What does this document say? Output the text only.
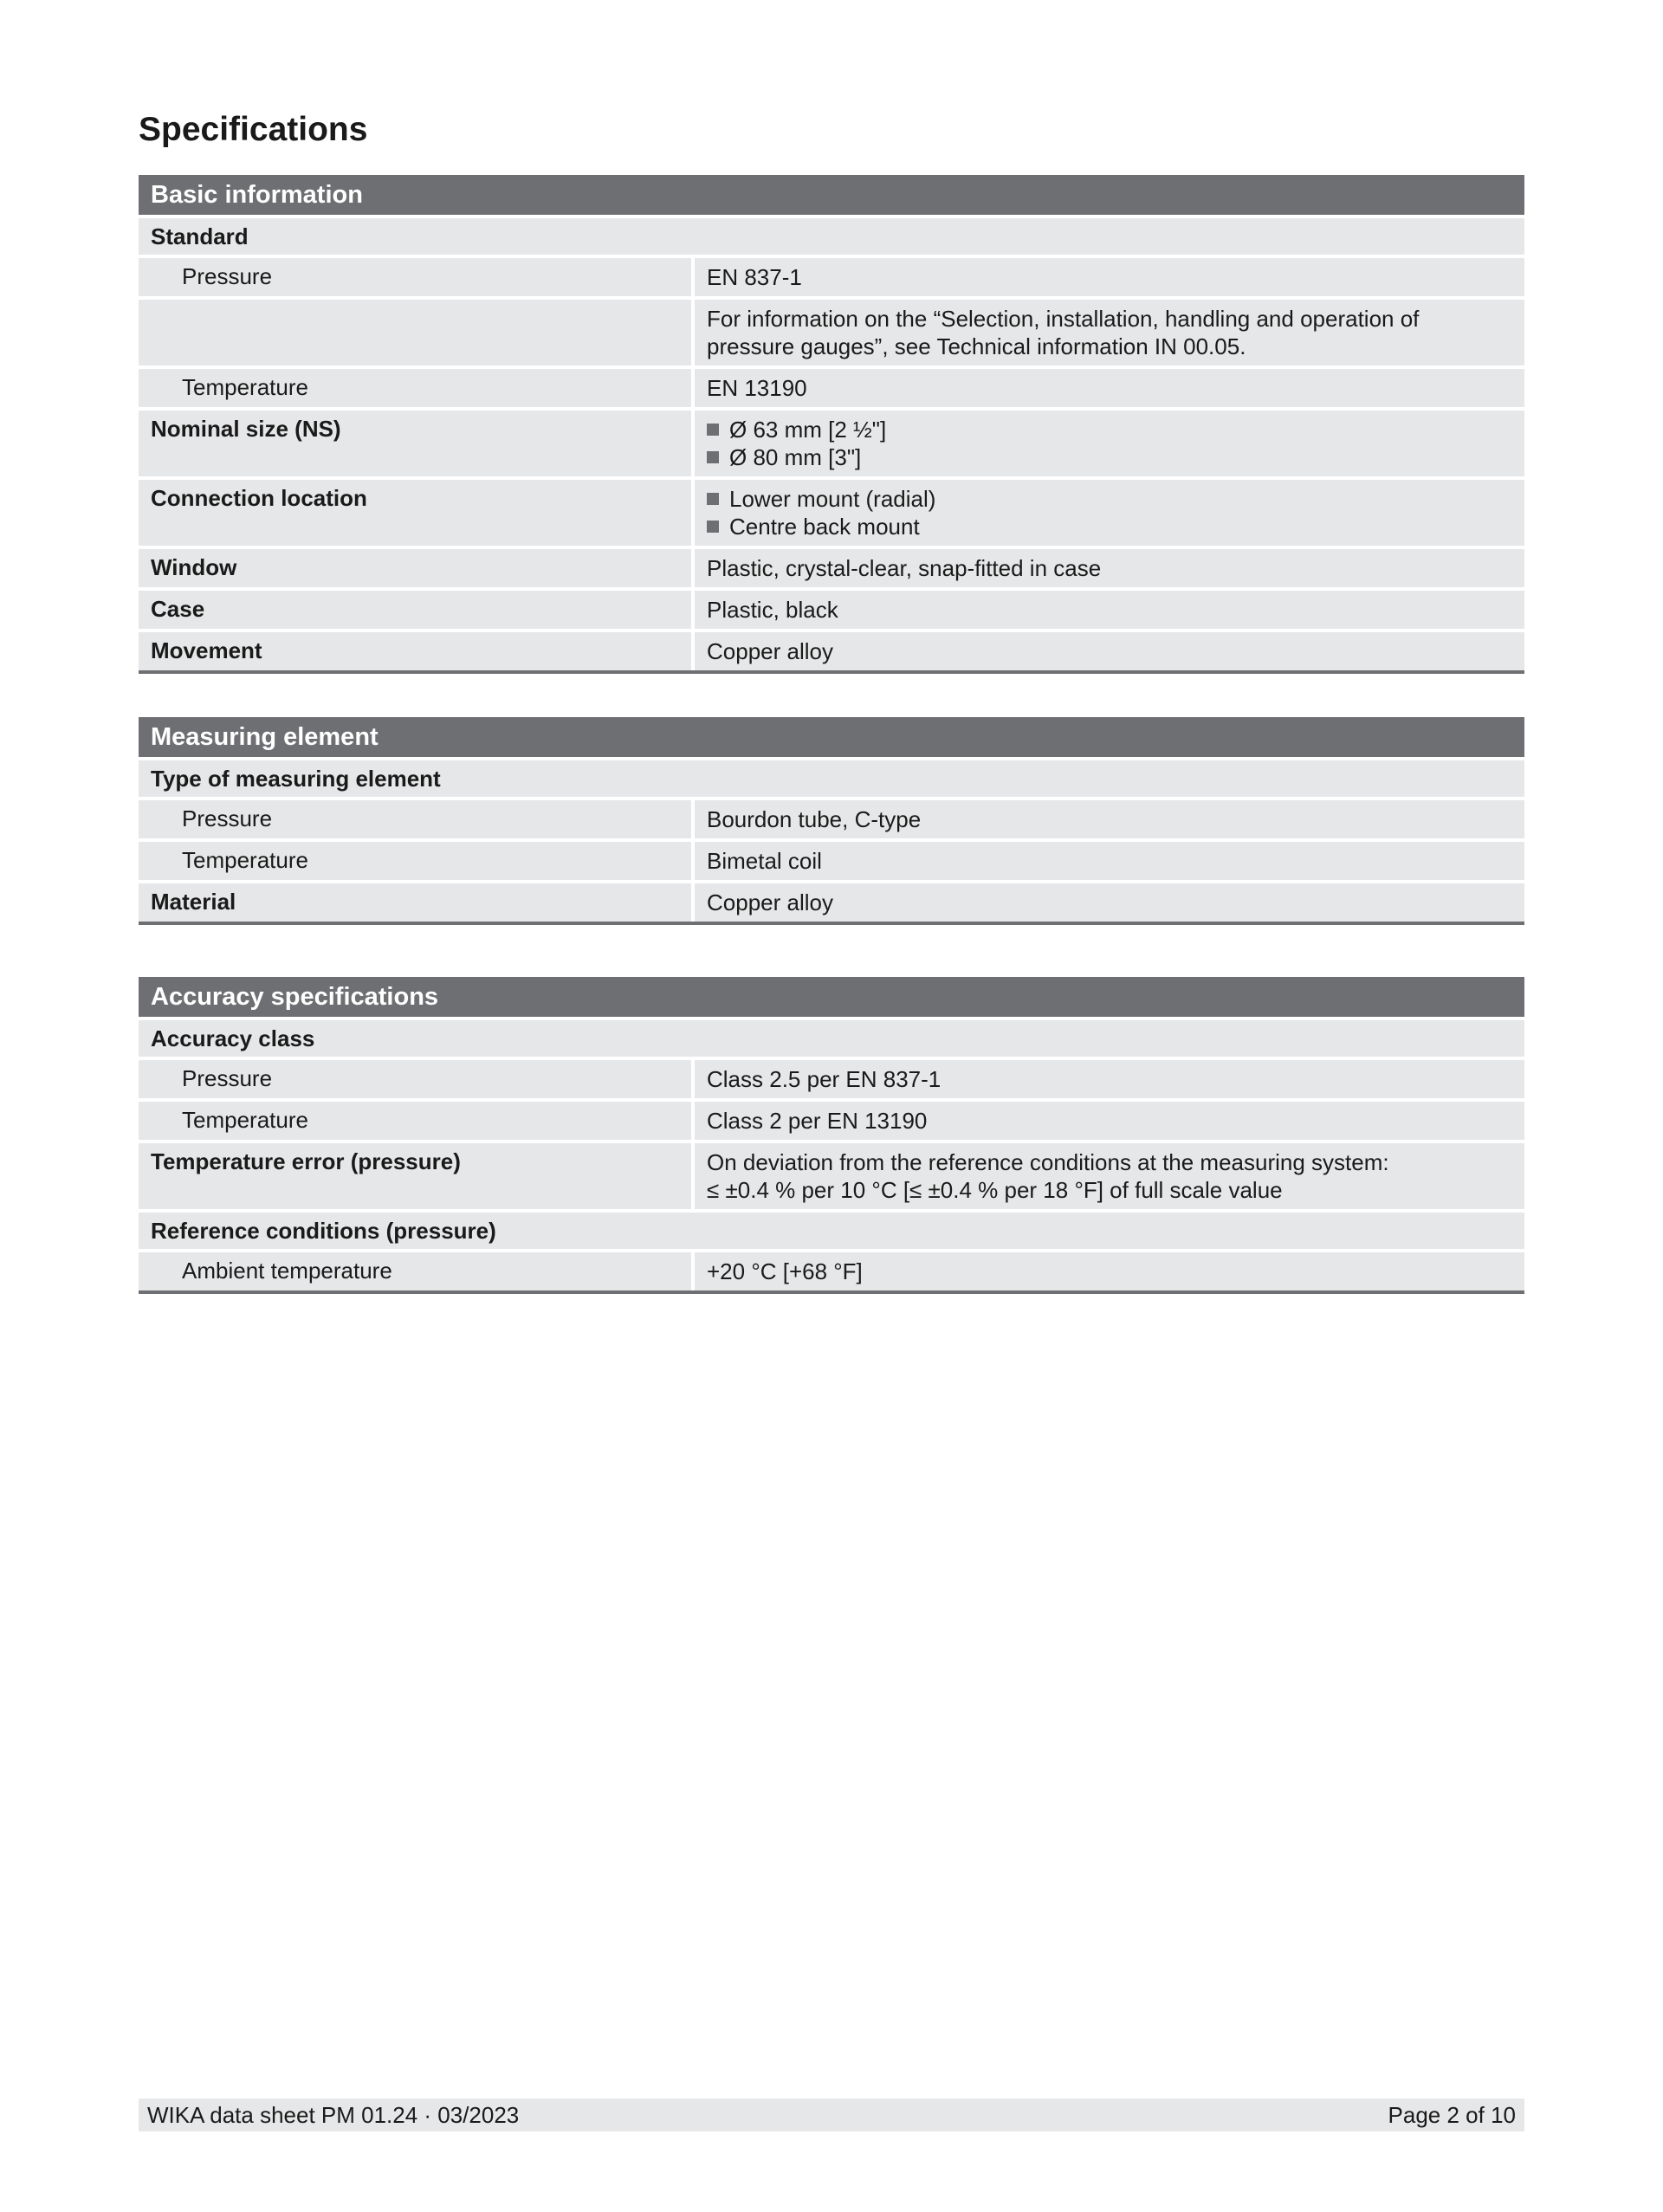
Specifications
Basic information
Standard
Pressure	EN 837-1
For information on the “Selection, installation, handling and operation of pressure gauges”, see Technical information IN 00.05.
Temperature	EN 13190
Nominal size (NS)	Ø 63 mm [2 ½"]
Ø 80 mm [3"]
Connection location	Lower mount (radial)
Centre back mount
Window	Plastic, crystal-clear, snap-fitted in case
Case	Plastic, black
Movement	Copper alloy
Measuring element
Type of measuring element
Pressure	Bourdon tube, C-type
Temperature	Bimetal coil
Material	Copper alloy
Accuracy specifications
Accuracy class
Pressure	Class 2.5 per EN 837-1
Temperature	Class 2 per EN 13190
Temperature error (pressure)	On deviation from the reference conditions at the measuring system:
≤ ±0.4 % per 10 °C [≤ ±0.4 % per 18 °F] of full scale value
Reference conditions (pressure)
Ambient temperature	+20 °C [+68 °F]
WIKA data sheet PM 01.24 · 03/2023	Page 2 of 10
